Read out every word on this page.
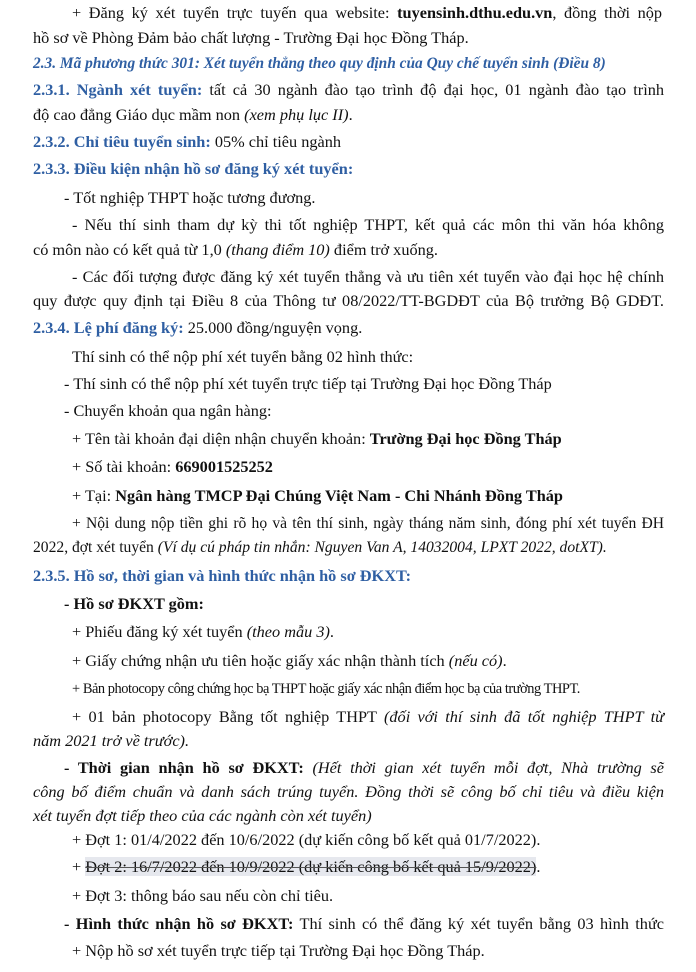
+ Đăng ký xét tuyển trực tuyến qua website: tuyensinh.dthu.edu.vn, đồng thời nộp
hồ sơ về Phòng Đảm bảo chất lượng - Trường Đại học Đồng Tháp.
2.3. Mã phương thức 301: Xét tuyển thẳng theo quy định của Quy chế tuyển sinh (Điều 8)
2.3.1. Ngành xét tuyển: tất cả 30 ngành đào tạo trình độ đại học, 01 ngành đào tạo trình
độ cao đẳng Giáo dục mầm non (xem phụ lục II).
2.3.2. Chỉ tiêu tuyển sinh: 05% chỉ tiêu ngành
2.3.3. Điều kiện nhận hồ sơ đăng ký xét tuyển:
- Tốt nghiệp THPT hoặc tương đương.
- Nếu thí sinh tham dự kỳ thi tốt nghiệp THPT, kết quả các môn thi văn hóa không
có môn nào có kết quả từ 1,0 (thang điểm 10) điểm trở xuống.
- Các đối tượng được đăng ký xét tuyển thẳng và ưu tiên xét tuyển vào đại học hệ chính
quy được quy định tại Điều 8 của Thông tư 08/2022/TT-BGDĐT của Bộ trưởng Bộ GDĐT.
2.3.4. Lệ phí đăng ký: 25.000 đồng/nguyện vọng.
Thí sinh có thể nộp phí xét tuyển bằng 02 hình thức:
- Thí sinh có thể nộp phí xét tuyển trực tiếp tại Trường Đại học Đồng Tháp
- Chuyển khoản qua ngân hàng:
+ Tên tài khoản đại diện nhận chuyển khoản: Trường Đại học Đồng Tháp
+ Số tài khoản: 669001525252
+ Tại: Ngân hàng TMCP Đại Chúng Việt Nam - Chi Nhánh Đồng Tháp
+ Nội dung nộp tiền ghi rõ họ và tên thí sinh, ngày tháng năm sinh, đóng phí xét tuyển ĐH
2022, đợt xét tuyển (Ví dụ cú pháp tin nhắn: Nguyen Van A, 14032004, LPXT 2022, dotXT).
2.3.5. Hồ sơ, thời gian và hình thức nhận hồ sơ ĐKXT:
- Hồ sơ ĐKXT gồm:
+ Phiếu đăng ký xét tuyển (theo mẫu 3).
+ Giấy chứng nhận ưu tiên hoặc giấy xác nhận thành tích (nếu có).
+ Bản photocopy công chứng học bạ THPT hoặc giấy xác nhận điểm học bạ của trường THPT.
+ 01 bản photocopy Bằng tốt nghiệp THPT (đối với thí sinh đã tốt nghiệp THPT từ
năm 2021 trở về trước).
- Thời gian nhận hồ sơ ĐKXT: (Hết thời gian xét tuyển mỗi đợt, Nhà trường sẽ
công bố điểm chuẩn và danh sách trúng tuyển. Đồng thời sẽ công bố chỉ tiêu và điều kiện
xét tuyển đợt tiếp theo của các ngành còn xét tuyển)
+ Đợt 1: 01/4/2022 đến 10/6/2022 (dự kiến công bố kết quả 01/7/2022).
+ Đợt 2: 16/7/2022 đến 10/9/2022 (dự kiến công bố kết quả 15/9/2022).
+ Đợt 3: thông báo sau nếu còn chỉ tiêu.
- Hình thức nhận hồ sơ ĐKXT: Thí sinh có thể đăng ký xét tuyển bằng 03 hình thức
+ Nộp hồ sơ xét tuyển trực tiếp tại Trường Đại học Đồng Tháp.
